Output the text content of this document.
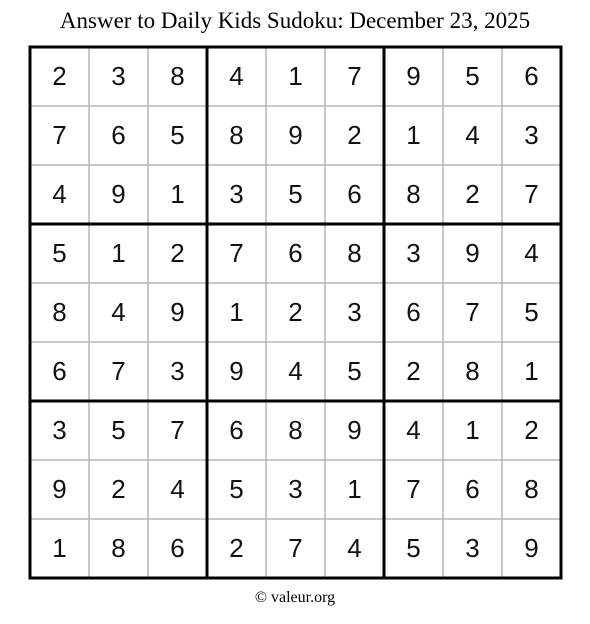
Answer to Daily Kids Sudoku: December 23, 2025
2	3	8	4	1	7	9	5	6
7	6	5	8	9	2	1	4	3
4	9	1	3	5	6	8	2	7
5	1	2	7	6	8	3	9	4
8	4	9	1	2	3	6	7	5
6	7	3	9	4	5	2	8	1
3	5	7	6	8	9	4	1	2
9	2	4	5	3	1	7	6	8
1	8	6	2	7	4	5	3	9
© valeur.org
